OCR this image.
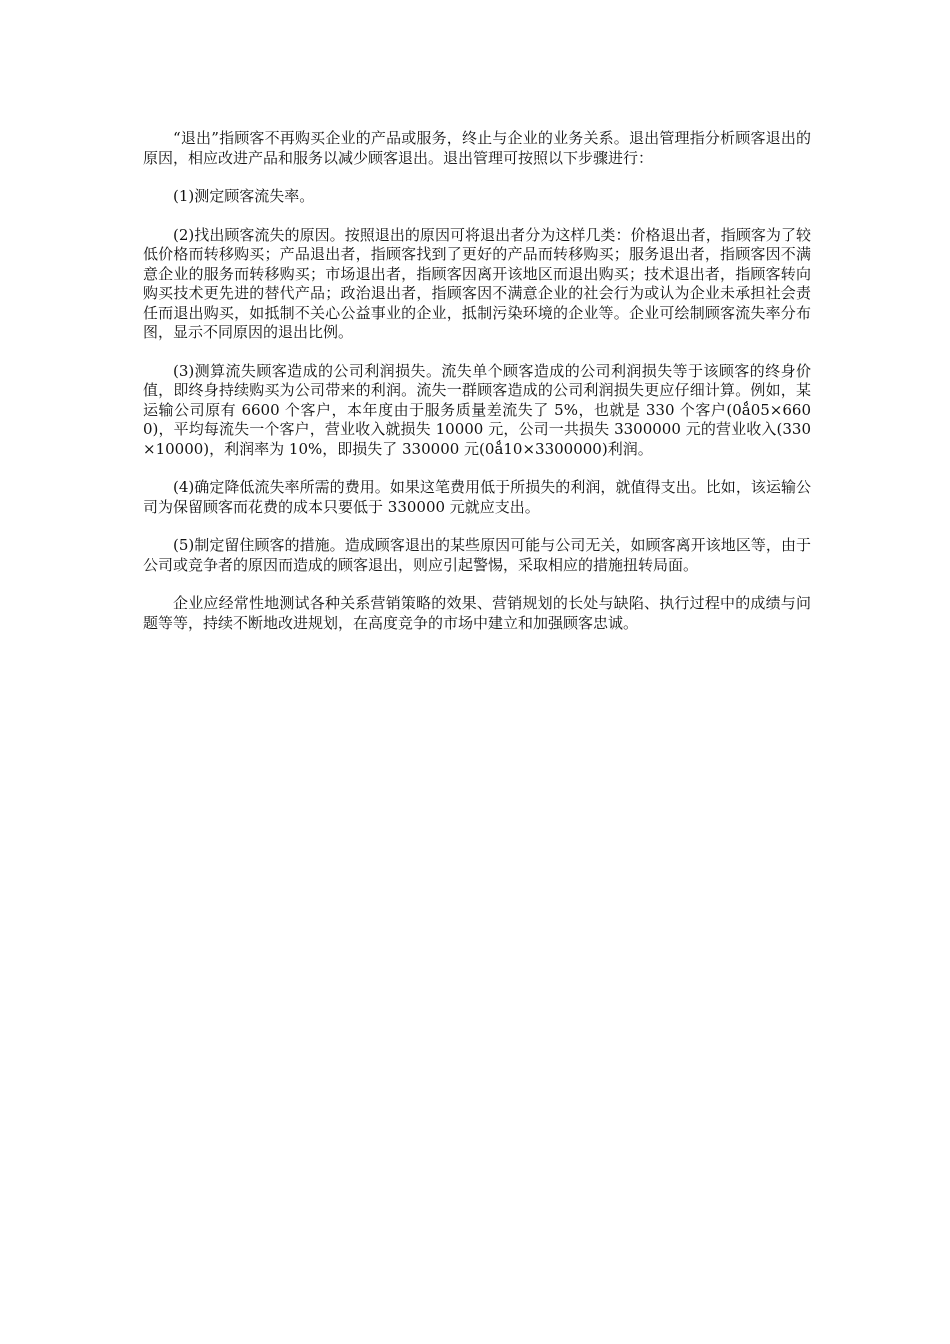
“退出”指顾客不再购买企业的产品或服务，终止与企业的业务关系。退出管理指分析顾客退出的原因，相应改进产品和服务以减少顾客退出。退出管理可按照以下步骤进行：

(1)测定顾客流失率。

(2)找出顾客流失的原因。按照退出的原因可将退出者分为这样几类：价格退出者，指顾客为了较低价格而转移购买；产品退出者，指顾客找到了更好的产品而转移购买；服务退出者，指顾客因不满意企业的服务而转移购买；市场退出者，指顾客因离开该地区而退出购买；技术退出者，指顾客转向购买技术更先进的替代产品；政治退出者，指顾客因不满意企业的社会行为或认为企业未承担社会责任而退出购买，如抵制不关心公益事业的企业，抵制污染环境的企业等。企业可绘制顾客流失率分布图，显示不同原因的退出比例。

(3)测算流失顾客造成的公司利润损失。流失单个顾客造成的公司利润损失等于该顾客的终身价值，即终身持续购买为公司带来的利润。流失一群顾客造成的公司利润损失更应仔细计算。例如，某运输公司原有 6600 个客户，本年度由于服务质量差流失了 5%，也就是 330 个客户(0ǻ05×6600)，平均每流失一个客户，营业收入就损失 10000 元，公司一共损失 3300000 元的营业收入(330×10000)，利润率为 10%，即损失了 330000 元(0ǻ10×3300000)利润。

(4)确定降低流失率所需的费用。如果这笔费用低于所损失的利润，就值得支出。比如，该运输公司为保留顾客而花费的成本只要低于 330000 元就应支出。

(5)制定留住顾客的措施。造成顾客退出的某些原因可能与公司无关，如顾客离开该地区等，由于公司或竞争者的原因而造成的顾客退出，则应引起警惕，采取相应的措施扭转局面。

企业应经常性地测试各种关系营销策略的效果、营销规划的长处与缺陷、执行过程中的成绩与问题等等，持续不断地改进规划，在高度竞争的市场中建立和加强顾客忠诚。
